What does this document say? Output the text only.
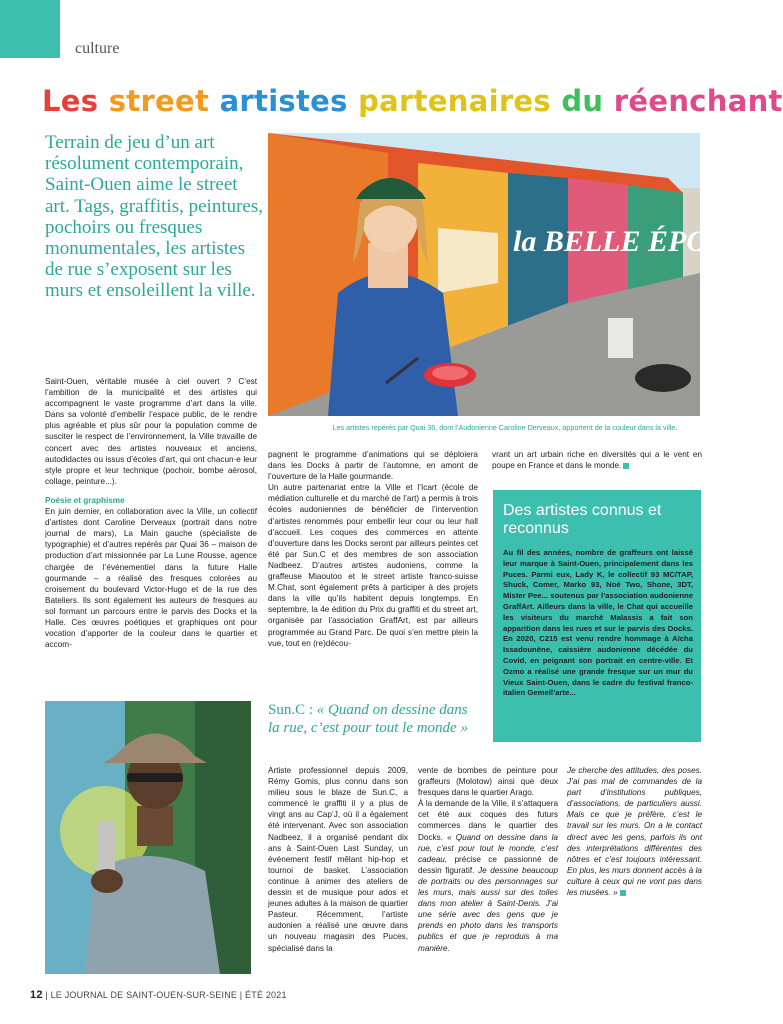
culture
Les street artistes partenaires du réenchant
Terrain de jeu d’un art résolument contemporain, Saint-Ouen aime le street art. Tags, graffitis, peintures, pochoirs ou fresques monumentales, les artistes de rue s’exposent sur les murs et ensoleillent la ville.
la BELLE ÉPOQUE
Les artistes repérés par Quai 36, dont l’Audonienne Caroline Derveaux, apportent de la couleur dans la ville.

Saint-Ouen, véritable musée à ciel ouvert ? C’est l’ambition de la municipalité et des artistes qui accompagnent le vaste programme d’art dans la ville. Dans sa volonté d’embellir l’espace public, de le rendre plus agréable et plus sûr pour la population comme de susciter le respect de l’environnement, la Ville travaille de concert avec des artistes nouveaux et anciens, autodidactes ou issus d’écoles d’art, qui ont chacun·e leur style propre et leur technique (pochoir, bombe aérosol, collage, peinture...).

Poésie et graphisme

En juin dernier, en collaboration avec la Ville, un collectif d’artistes dont Caroline Derveaux (portrait dans notre journal de mars), La Main gauche (spécialiste de typographie) et d’autres repérés par Quai 36 – maison de production d’art missionnée par La Lune Rousse, agence chargée de l’événementiel dans la future Halle gourmande – a réalisé des fresques colorées au croisement du boulevard Victor-Hugo et de la rue des Bateliers. Ils sont également les auteurs de fresques au sol formant un parcours entre le parvis des Docks et la Halle. Ces œuvres poétiques et graphiques ont pour vocation d’apporter de la couleur dans le quartier et accom-

pagnent le programme d’animations qui se déploiera dans les Docks à partir de l’automne, en amont de l’ouverture de la Halle gourmande.

Un autre partenariat entre la Ville et l’Icart (école de médiation culturelle et du marché de l’art) a permis à trois écoles audoniennes de bénéficier de l’intervention d’artistes renommés pour embellir leur cour ou leur hall d’accueil. Les coques des commerces en attente d’ouverture dans les Docks seront par ailleurs peintes cet été par Sun.C et des membres de son association Nadbeez. D’autres artistes audoniens, comme la graffeuse Miaoutoo et le street artiste franco-suisse M.Chat, sont également prêts à participer à des projets dans la ville qu’ils habitent depuis longtemps. En septembre, la 4e édition du Prix du graffiti et du street art, organisée par l’association GraffArt, est par ailleurs programmée au Grand Parc. De quoi s’en mettre plein la vue, tout en (re)décou-

vrant un art urbain riche en diversités qui a le vent en poupe en France et dans le monde.

Des artistes connus et reconnus
Au fil des années, nombre de graffeurs ont laissé leur marque à Saint-Ouen, principalement dans les Puces. Parmi eux, Lady K, le collectif 93 MC/TAP, Shuck, Comer, Marko 93, Noé Two, Shone, 3DT, Mister Pee... soutenus par l’association audonienne GraffArt. Ailleurs dans la ville, le Chat qui accueille les visiteurs du marché Malassis a fait son apparition dans les rues et sur le parvis des Docks. En 2020, C215 est venu rendre hommage à Aïcha Issadounène, caissière audonienne décédée du Covid, en peignant son portrait en centre-ville. Et Ozmo a réalisé une grande fresque sur un mur du Vieux Saint-Ouen, dans le cadre du festival franco-italien Gemell’arte...
Sun.C : « Quand on dessine dans la rue, c’est pour tout le monde »

Artiste professionnel depuis 2009, Rémy Gomis, plus connu dans son milieu sous le blaze de Sun.C, a commencé le graffiti il y a plus de vingt ans au Cap’J, où il a également été intervenant. Avec son association Nadbeez, il a organisé pendant dix ans à Saint-Ouen Last Sunday, un événement festif mêlant hip-hop et tournoi de basket. L’association continue à animer des ateliers de dessin et de musique pour ados et jeunes adultes à la maison de quartier Pasteur. Récemment, l’artiste audonien a réalisé une œuvre dans un nouveau magasin des Puces, spécialisé dans la

vente de bombes de peinture pour graffeurs (Molotow) ainsi que deux fresques dans le quartier Arago.

À la demande de la Ville, il s’attaquera cet été aux coques des futurs commerces dans le quartier des Docks. « Quand on dessine dans la rue, c’est pour tout le monde, c’est cadeau, précise ce passionné de dessin figuratif. Je dessine beaucoup de portraits ou des personnages sur les murs, mais aussi sur des toiles dans mon atelier à Saint-Denis. J’ai une série avec des gens que je prends en photo dans les transports publics et que je reproduis à ma manière.

Je cherche des attitudes, des poses. J’ai pas mal de commandes de la part d’institutions publiques, d’associations, de particuliers aussi. Mais ce que je préfère, c’est le travail sur les murs. On a le contact direct avec les gens, parfois ils ont des interprétations différentes des nôtres et c’est toujours intéressant. En plus, les murs donnent accès à la culture à ceux qui ne vont pas dans les musées. »

12 | LE JOURNAL DE SAINT-OUEN-SUR-SEINE | ÉTÉ 2021
